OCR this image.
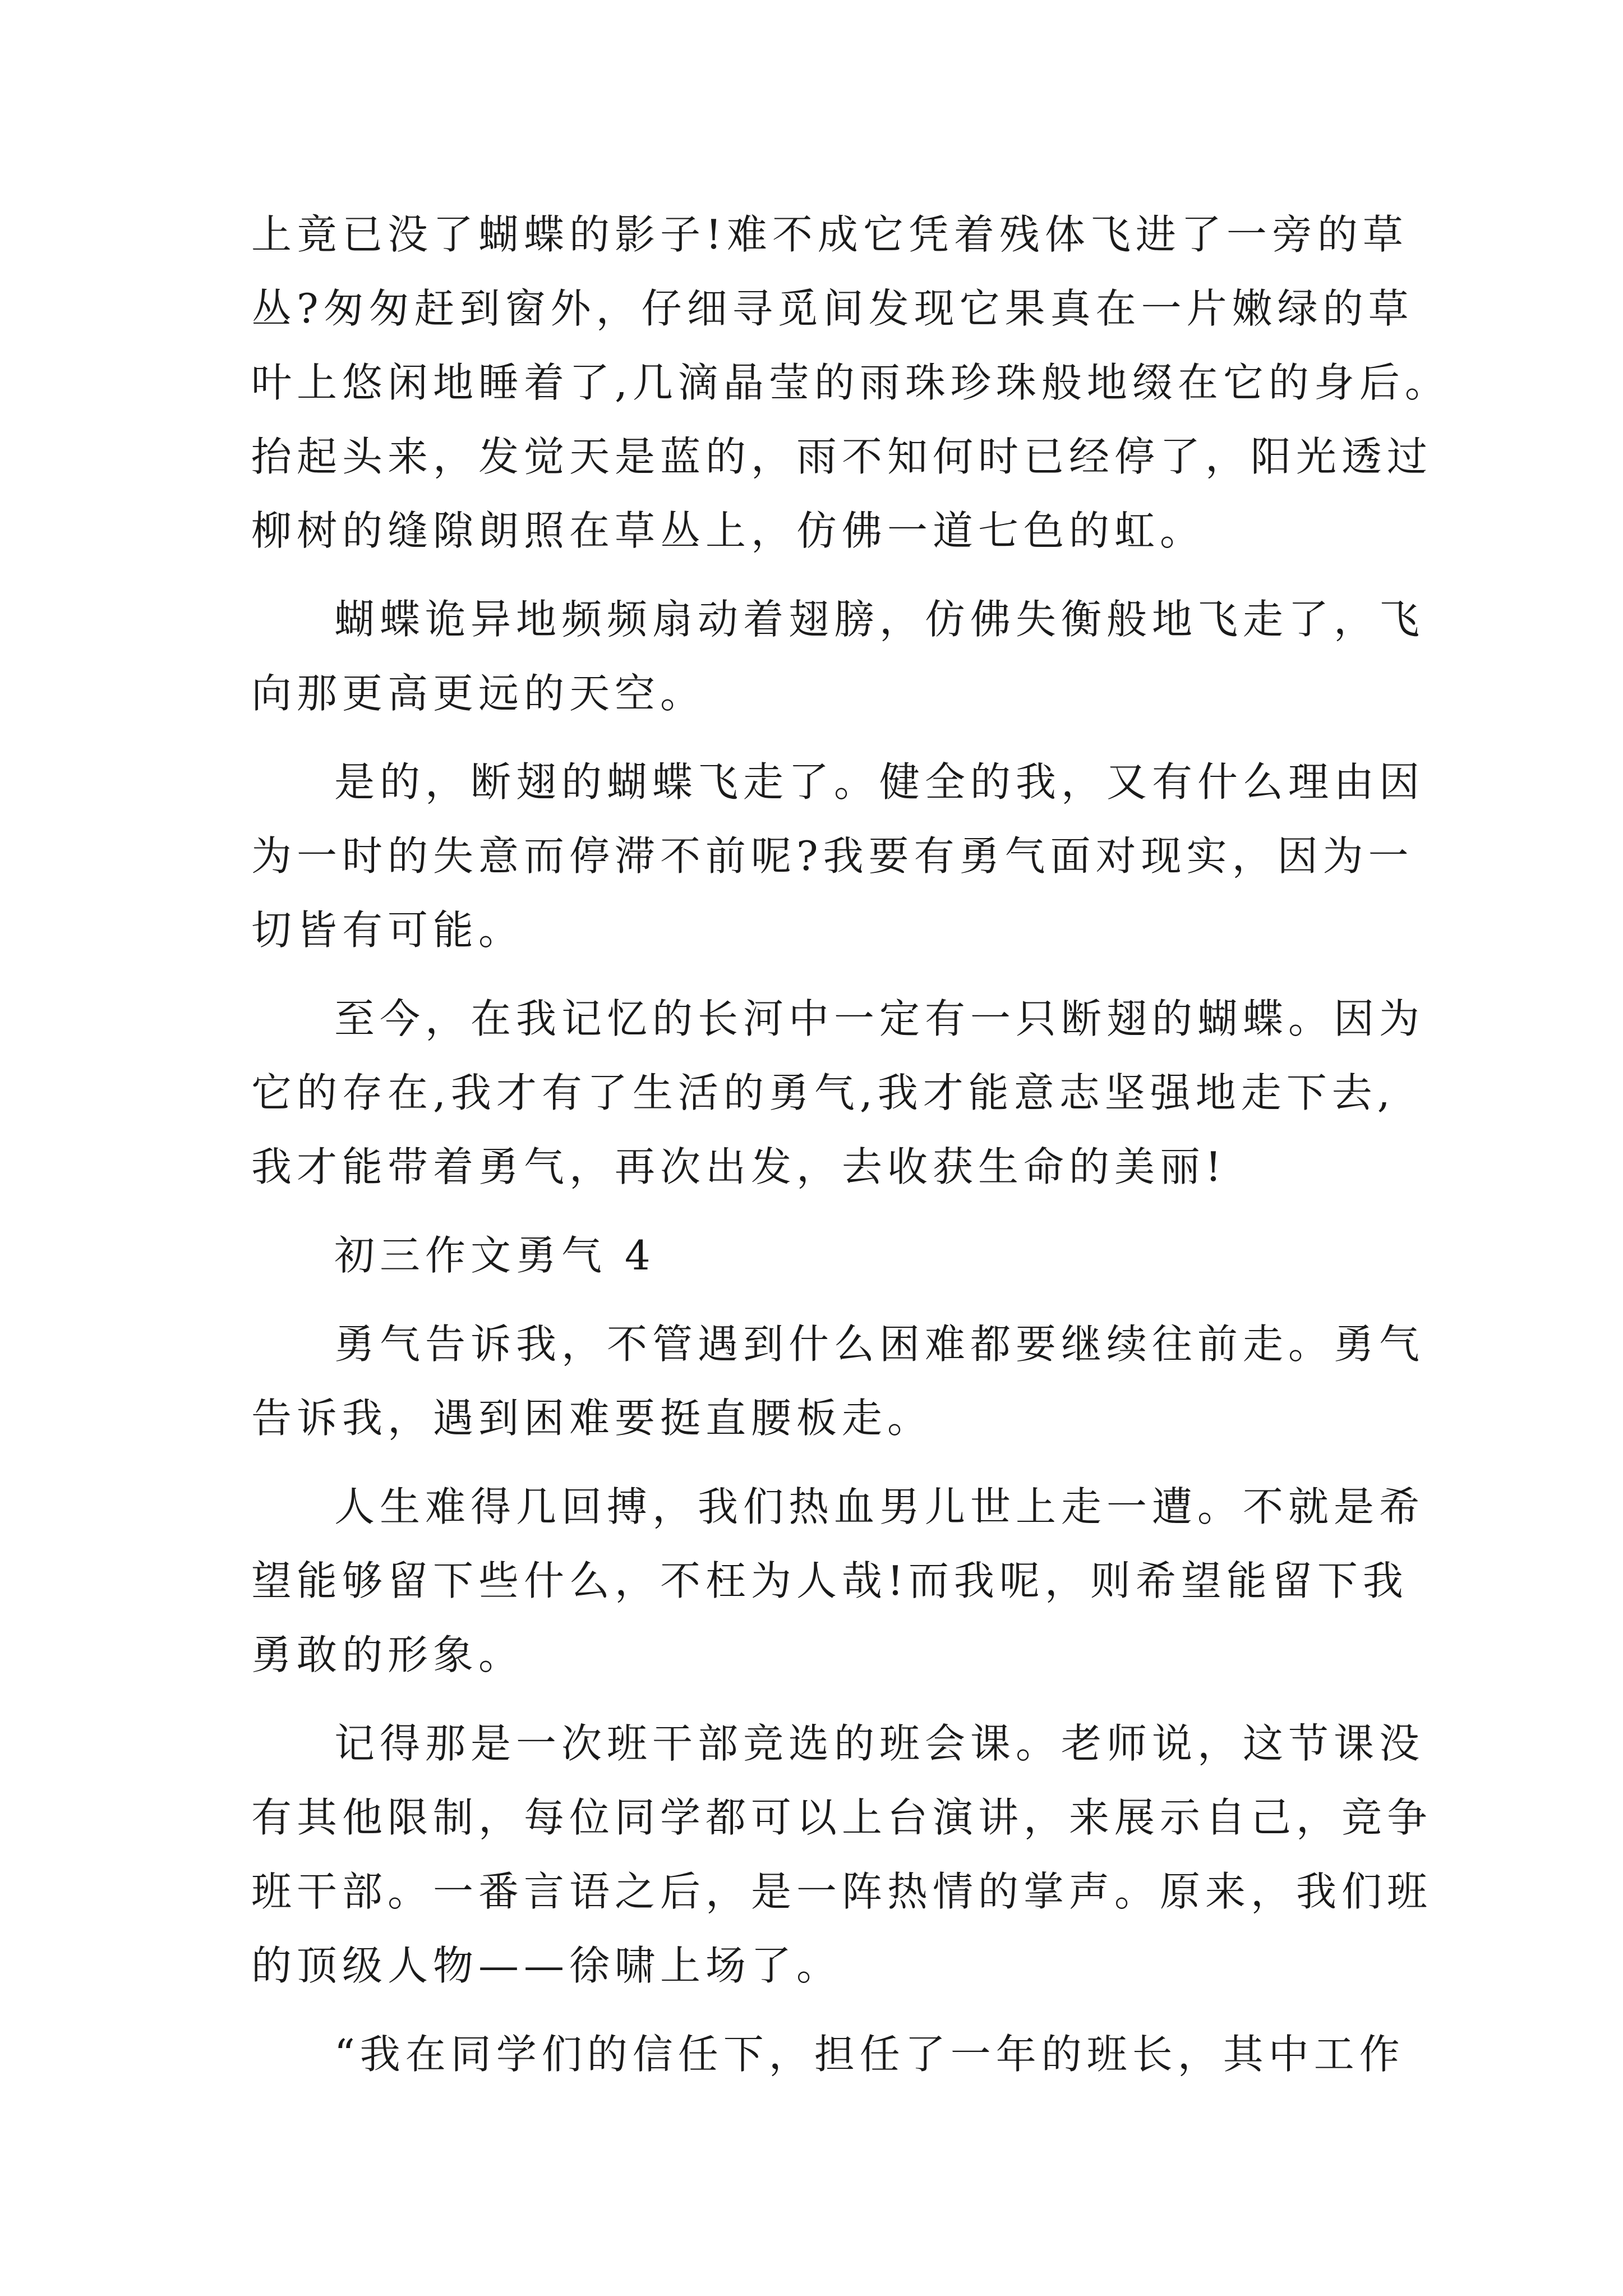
上竟已没了蝴蝶的影子!难不成它凭着残体飞进了一旁的草
丛?匆匆赶到窗外，仔细寻觅间发现它果真在一片嫩绿的草
叶上悠闲地睡着了,几滴晶莹的雨珠珍珠般地缀在它的身后。
抬起头来，发觉天是蓝的，雨不知何时已经停了，阳光透过
柳树的缝隙朗照在草丛上，仿佛一道七色的虹。
蝴蝶诡异地频频扇动着翅膀，仿佛失衡般地飞走了，飞
向那更高更远的天空。
是的，断翅的蝴蝶飞走了。健全的我，又有什么理由因
为一时的失意而停滞不前呢?我要有勇气面对现实，因为一
切皆有可能。
至今，在我记忆的长河中一定有一只断翅的蝴蝶。因为
它的存在,我才有了生活的勇气,我才能意志坚强地走下去,
我才能带着勇气，再次出发，去收获生命的美丽!
初三作文勇气 4
勇气告诉我，不管遇到什么困难都要继续往前走。勇气
告诉我，遇到困难要挺直腰板走。
人生难得几回搏，我们热血男儿世上走一遭。不就是希
望能够留下些什么，不枉为人哉!而我呢，则希望能留下我
勇敢的形象。
记得那是一次班干部竞选的班会课。老师说，这节课没
有其他限制，每位同学都可以上台演讲，来展示自己，竞争
班干部。一番言语之后，是一阵热情的掌声。原来，我们班
的顶级人物——徐啸上场了。
“我在同学们的信任下，担任了一年的班长，其中工作
